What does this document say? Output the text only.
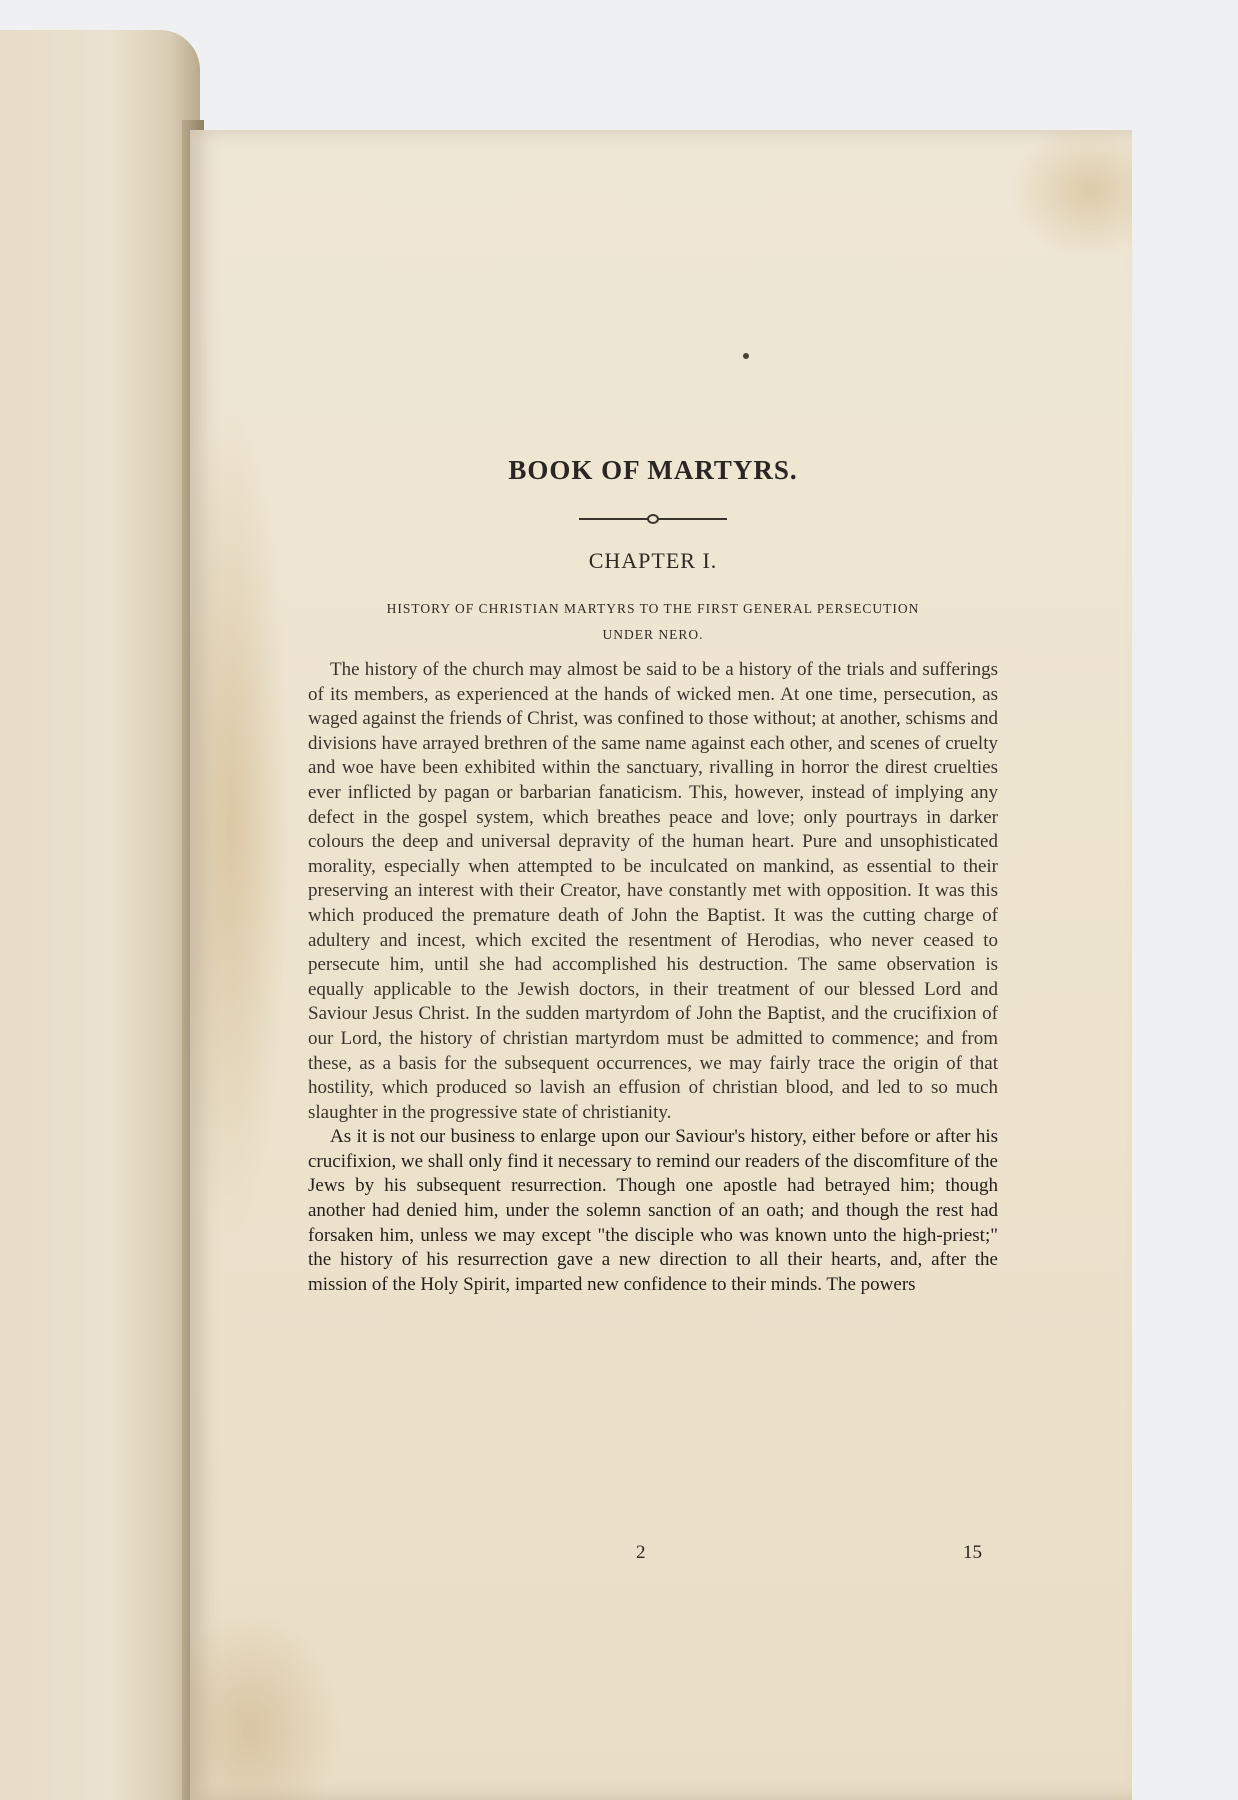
BOOK OF MARTYRS.
CHAPTER I.
HISTORY OF CHRISTIAN MARTYRS TO THE FIRST GENERAL PERSECUTION
UNDER NERO.

The history of the church may almost be said to be a history of the trials and sufferings of its members, as experienced at the hands of wicked men. At one time, persecution, as waged against the friends of Christ, was confined to those without; at another, schisms and divisions have arrayed brethren of the same name against each other, and scenes of cruelty and woe have been exhibited within the sanctuary, rivalling in horror the direst cruelties ever inflicted by pagan or barbarian fanaticism. This, however, instead of implying any defect in the gospel system, which breathes peace and love; only pourtrays in darker colours the deep and universal depravity of the human heart. Pure and unsophisticated morality, especially when attempted to be inculcated on mankind, as essential to their preserving an interest with their Creator, have constantly met with opposition. It was this which produced the premature death of John the Baptist. It was the cutting charge of adultery and incest, which excited the resentment of Herodias, who never ceased to persecute him, until she had accomplished his destruction. The same observation is equally applicable to the Jewish doctors, in their treatment of our blessed Lord and Saviour Jesus Christ. In the sudden martyrdom of John the Baptist, and the crucifixion of our Lord, the history of christian martyrdom must be admitted to commence; and from these, as a basis for the subsequent occurrences, we may fairly trace the origin of that hostility, which produced so lavish an effusion of christian blood, and led to so much slaughter in the progressive state of christianity.

As it is not our business to enlarge upon our Saviour's history, either before or after his crucifixion, we shall only find it necessary to remind our readers of the discomfiture of the Jews by his subsequent resurrection. Though one apostle had betrayed him; though another had denied him, under the solemn sanction of an oath; and though the rest had forsaken him, unless we may except "the disciple who was known unto the high-priest;" the history of his resurrection gave a new direction to all their hearts, and, after the mission of the Holy Spirit, imparted new confidence to their minds. The powers

2	15
